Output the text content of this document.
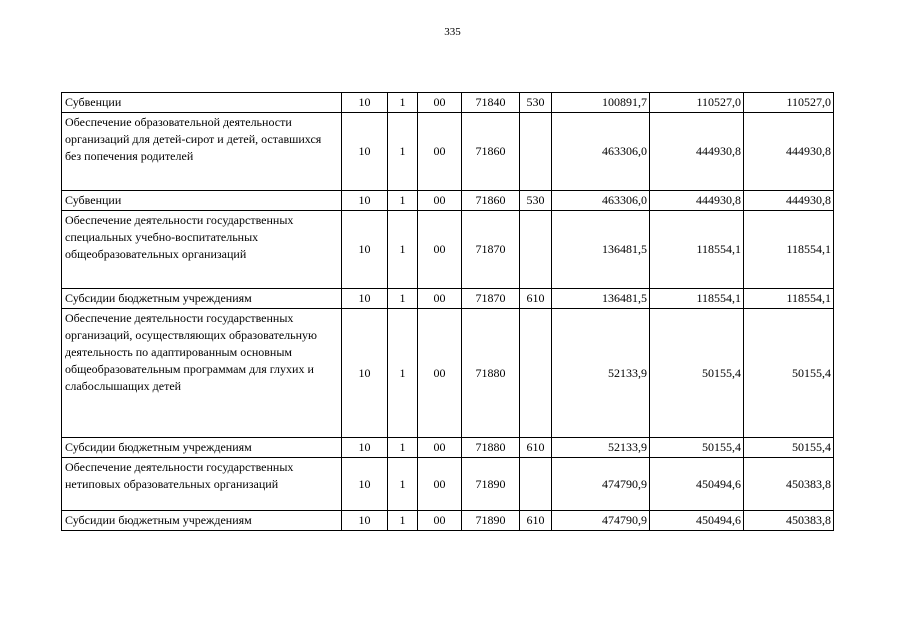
335
Субвенции	10	1	00	71840	530	100891,7	110527,0	110527,0
Обеспечение образовательной деятельности организаций для детей-сирот и детей, оставшихся без попечения родителей	10	1	00	71860		463306,0	444930,8	444930,8
Субвенции	10	1	00	71860	530	463306,0	444930,8	444930,8
Обеспечение деятельности государственных специальных учебно-воспитательных общеобразовательных организаций	10	1	00	71870		136481,5	118554,1	118554,1
Субсидии бюджетным учреждениям	10	1	00	71870	610	136481,5	118554,1	118554,1
Обеспечение деятельности государственных организаций, осуществляющих образовательную деятельность по адаптированным основным общеобразовательным программам для глухих и слабослышащих детей	10	1	00	71880		52133,9	50155,4	50155,4
Субсидии бюджетным учреждениям	10	1	00	71880	610	52133,9	50155,4	50155,4
Обеспечение деятельности государственных нетиповых образовательных организаций	10	1	00	71890		474790,9	450494,6	450383,8
Субсидии бюджетным учреждениям	10	1	00	71890	610	474790,9	450494,6	450383,8
